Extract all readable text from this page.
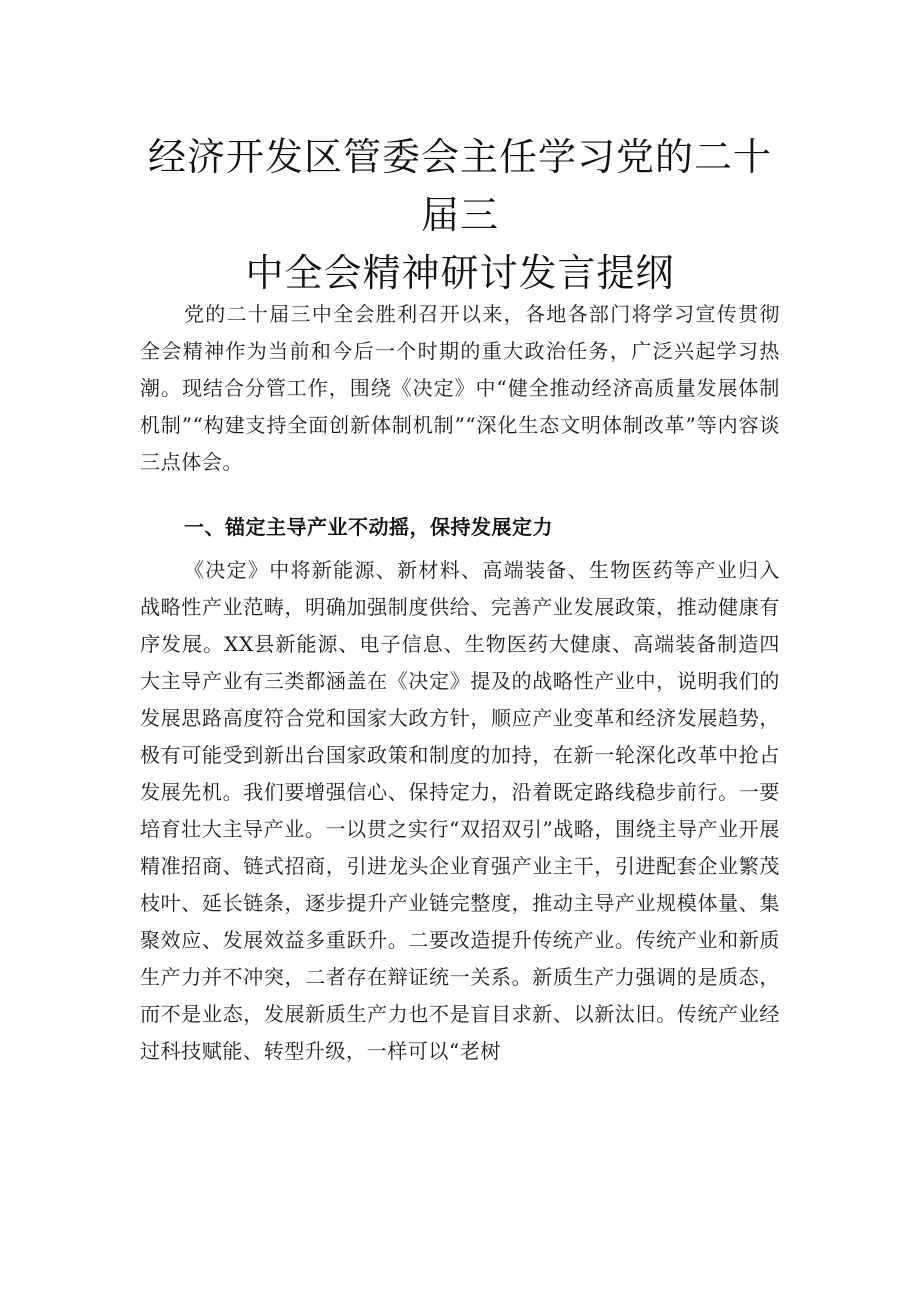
经济开发区管委会主任学习党的二十届三
中全会精神研讨发言提纲

党的二十届三中全会胜利召开以来，各地各部门将学习宣传贯彻全会精神作为当前和今后一个时期的重大政治任务，广泛兴起学习热潮。现结合分管工作，围绕《决定》中“健全推动经济高质量发展体制机制”“构建支持全面创新体制机制”“深化生态文明体制改革”等内容谈三点体会。

一、锚定主导产业不动摇，保持发展定力

《决定》中将新能源、新材料、高端装备、生物医药等产业归入战略性产业范畴，明确加强制度供给、完善产业发展政策，推动健康有序发展。XX县新能源、电子信息、生物医药大健康、高端装备制造四大主导产业有三类都涵盖在《决定》提及的战略性产业中，说明我们的发展思路高度符合党和国家大政方针，顺应产业变革和经济发展趋势，极有可能受到新出台国家政策和制度的加持，在新一轮深化改革中抢占发展先机。我们要增强信心、保持定力，沿着既定路线稳步前行。一要培育壮大主导产业。一以贯之实行“双招双引”战略，围绕主导产业开展精准招商、链式招商，引进龙头企业育强产业主干，引进配套企业繁茂枝叶、延长链条，逐步提升产业链完整度，推动主导产业规模体量、集聚效应、发展效益多重跃升。二要改造提升传统产业。传统产业和新质生产力并不冲突，二者存在辩证统一关系。新质生产力强调的是质态，而不是业态，发展新质生产力也不是盲目求新、以新汰旧。传统产业经过科技赋能、转型升级，一样可以“老树
